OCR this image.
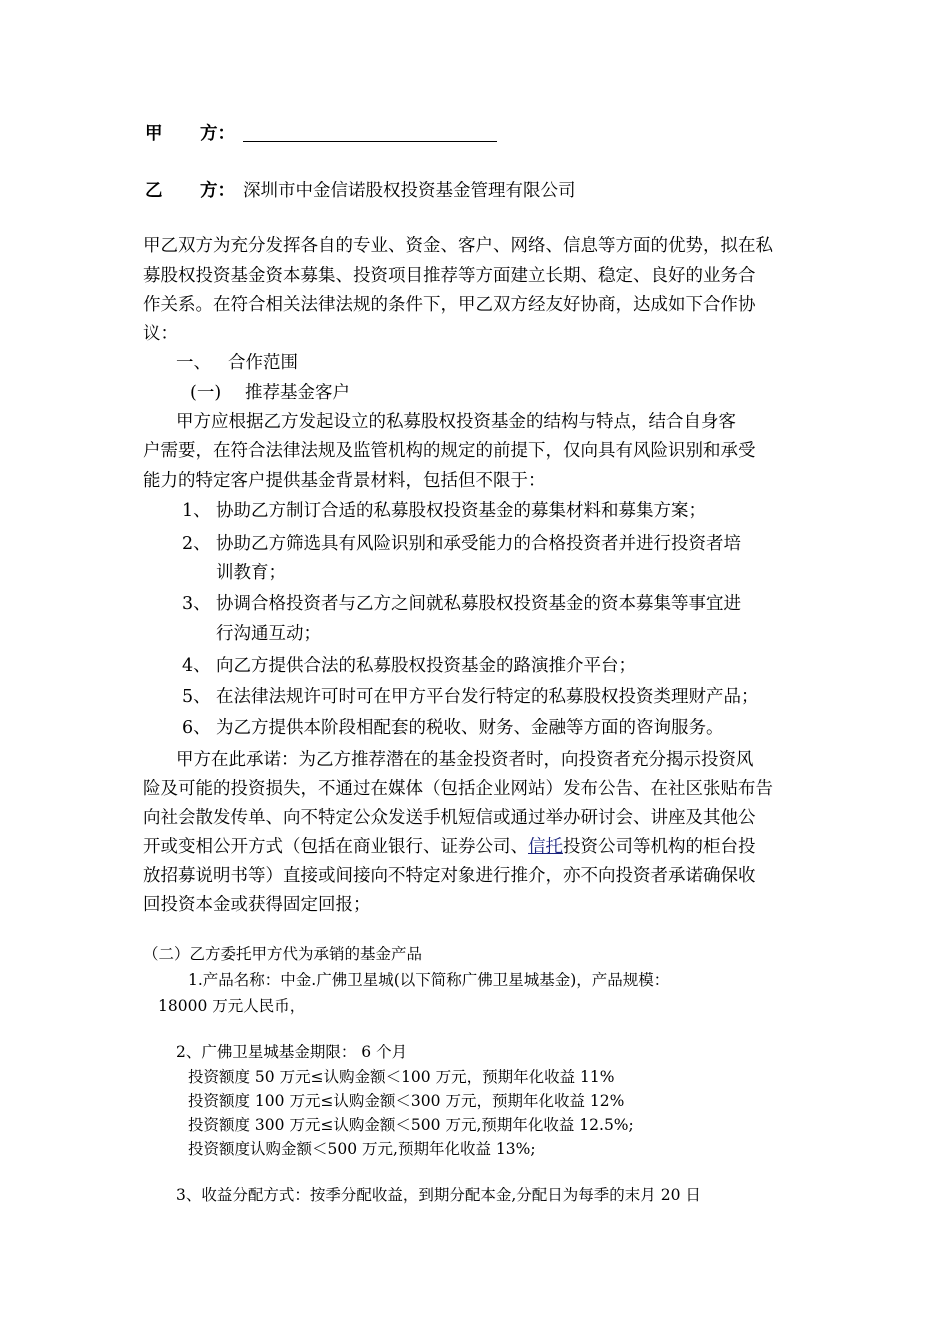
甲 方：
乙 方： 深圳市中金信诺股权投资基金管理有限公司
甲乙双方为充分发挥各自的专业、资金、客户、网络、信息等方面的优势，拟在私
募股权投资基金资本募集、投资项目推荐等方面建立长期、稳定、良好的业务合
作关系。在符合相关法律法规的条件下，甲乙双方经友好协商，达成如下合作协
议：
一、 合作范围
(一) 推荐基金客户
甲方应根据乙方发起设立的私募股权投资基金的结构与特点，结合自身客
户需要，在符合法律法规及监管机构的规定的前提下，仅向具有风险识别和承受
能力的特定客户提供基金背景材料，包括但不限于：
1、 协助乙方制订合适的私募股权投资基金的募集材料和募集方案；
2、 协助乙方筛选具有风险识别和承受能力的合格投资者并进行投资者培
训教育；
3、 协调合格投资者与乙方之间就私募股权投资基金的资本募集等事宜进
行沟通互动；
4、 向乙方提供合法的私募股权投资基金的路演推介平台；
5、 在法律法规许可时可在甲方平台发行特定的私募股权投资类理财产品；
6、 为乙方提供本阶段相配套的税收、财务、金融等方面的咨询服务。
甲方在此承诺：为乙方推荐潜在的基金投资者时，向投资者充分揭示投资风
险及可能的投资损失，不通过在媒体（包括企业网站）发布公告、在社区张贴布告
向社会散发传单、向不特定公众发送手机短信或通过举办研讨会、讲座及其他公
开或变相公开方式（包括在商业银行、证券公司、信托投资公司等机构的柜台投
放招募说明书等）直接或间接向不特定对象进行推介，亦不向投资者承诺确保收
回投资本金或获得固定回报；
（二）乙方委托甲方代为承销的基金产品
1.产品名称：中金.广佛卫星城(以下简称广佛卫星城基金)，产品规模：
18000 万元人民币，
2、广佛卫星城基金期限： 6 个月
投资额度 50 万元≤认购金额＜100 万元，预期年化收益 11%
投资额度 100 万元≤认购金额＜300 万元，预期年化收益 12%
投资额度 300 万元≤认购金额＜500 万元,预期年化收益 12.5%;
投资额度认购金额＜500 万元,预期年化收益 13%;
3、收益分配方式：按季分配收益，到期分配本金,分配日为每季的末月 20 日
